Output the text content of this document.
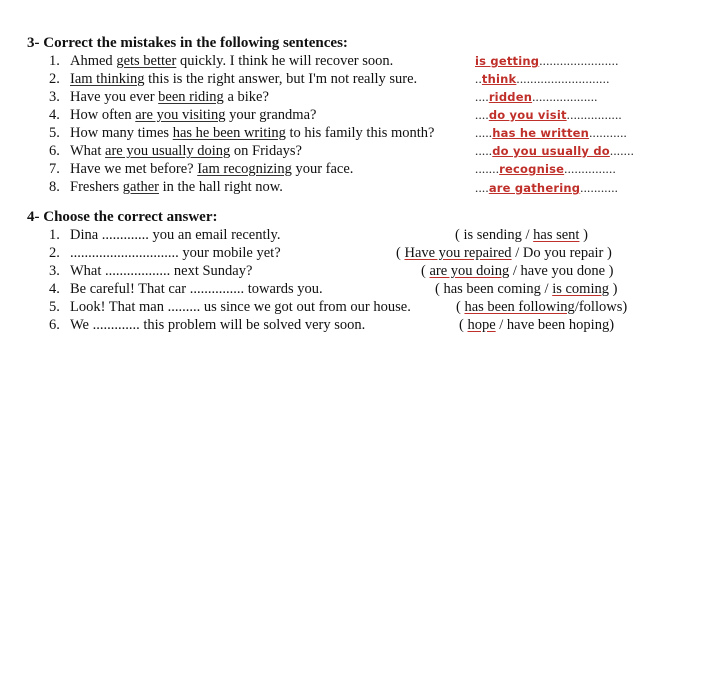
3- Correct the mistakes in the following sentences:
1. Ahmed gets better quickly. I think he will recover soon.
2. Iam thinking this is the right answer, but I'm not really sure.
3. Have you ever been riding a bike?
4. How often are you visiting your grandma?
5. How many times has he been writing to his family this month?
6. What are you usually doing on Fridays?
7. Have we met before? Iam recognizing your face.
8. Freshers gather in the hall right now.
is getting.......................
..think...........................
....ridden...................
....do you visit................
.....has he written...........
.....do you usually do.......
.......recognise...............
....are gathering...........
4- Choose the correct answer:
1. Dina ............. you an email recently.
2. .............................. your mobile yet?
3. What .................. next Sunday?
4. Be careful! That car ............... towards you.
5. Look! That man ......... us since we got out from our house.
6. We ............. this problem will be solved very soon.
( is sending / has sent )
( Have you repaired / Do you repair )
( are you doing / have you done )
( has been coming / is coming )
( has been following/follows)
( hope / have been hoping)
